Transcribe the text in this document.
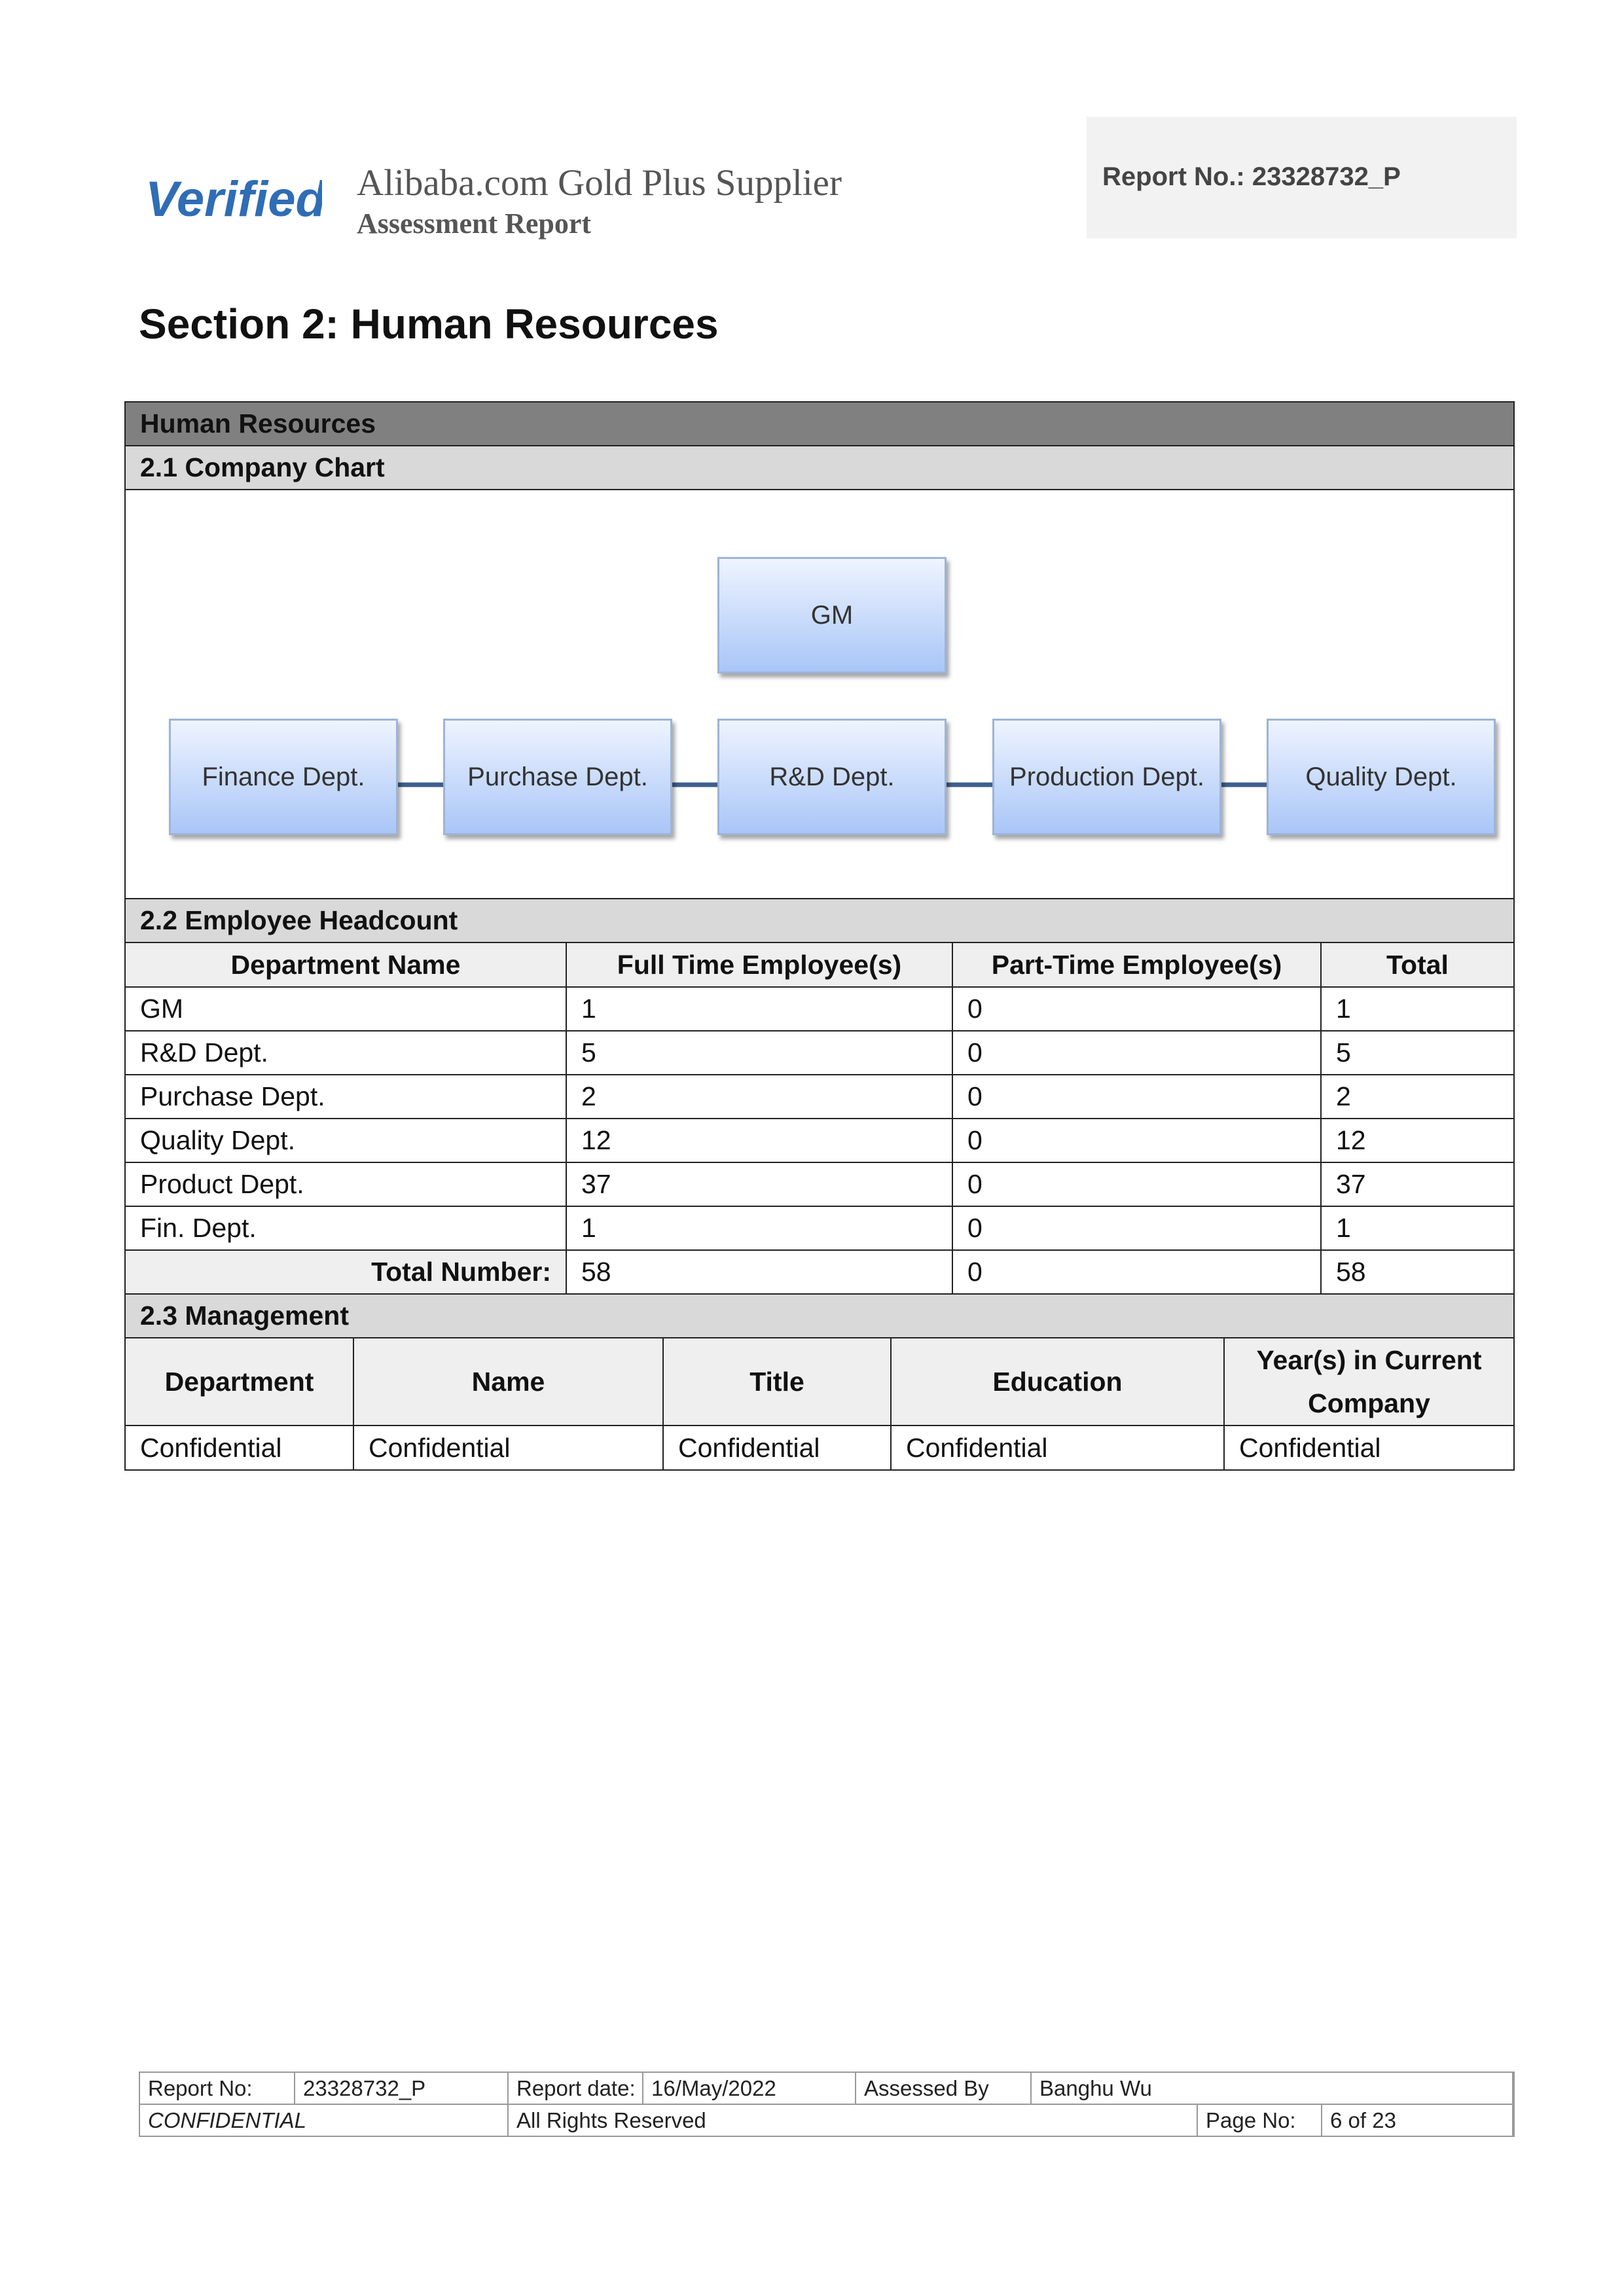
Verified Alibaba.com Gold Plus Supplier
Assessment Report
Report No.: 23328732_P
Section 2: Human Resources
Human Resources
2.1 Company Chart
GM
Finance Dept.	Purchase Dept.	R&D Dept.	Production Dept.	Quality Dept.
2.2 Employee Headcount
Department Name	Full Time Employee(s)	Part-Time Employee(s)	Total
GM	1	0	1
R&D Dept.	5	0	5
Purchase Dept.	2	0	2
Quality Dept.	12	0	12
Product Dept.	37	0	37
Fin. Dept.	1	0	1
Total Number:	58	0	58
2.3 Management
Department	Name	Title	Education	Year(s) in Current Company
Confidential	Confidential	Confidential	Confidential	Confidential
Report No:	23328732_P	Report date:	16/May/2022	Assessed By	Banghu Wu		
CONFIDENTIAL		All Rights Reserved				Page No:	6 of 23
